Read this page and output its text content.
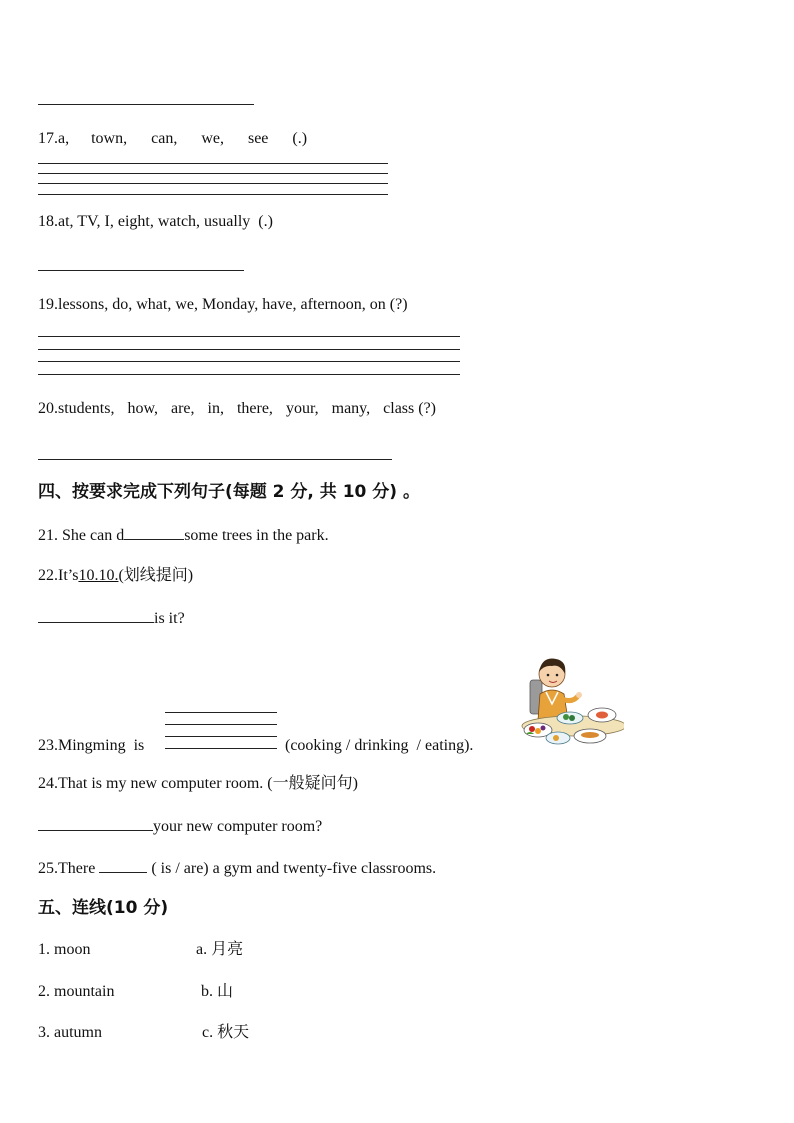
17. a, town, can, we, see (.)
18.at, TV, I, eight, watch, usually  (.)
19.lessons, do, what, we, Monday, have, afternoon, on (?)
20. students, how, are, in, there, your, many, class (?)
四、按要求完成下列句子(每题 2 分, 共 10 分) 。
21 . She can d	some trees in the park.
22.It’s 10.10. (划线提问)
is it?
23.Mingming  is	(cooking / drinking  / eating).
24.That is my new computer room. (一般疑问句)
your new computer room?
25.There	( is / are) a gym and twenty-five classrooms.
五、连线(10 分)
1. moon	a. 月亮
2. mountain	b. 山
3. autumn	c. 秋天
